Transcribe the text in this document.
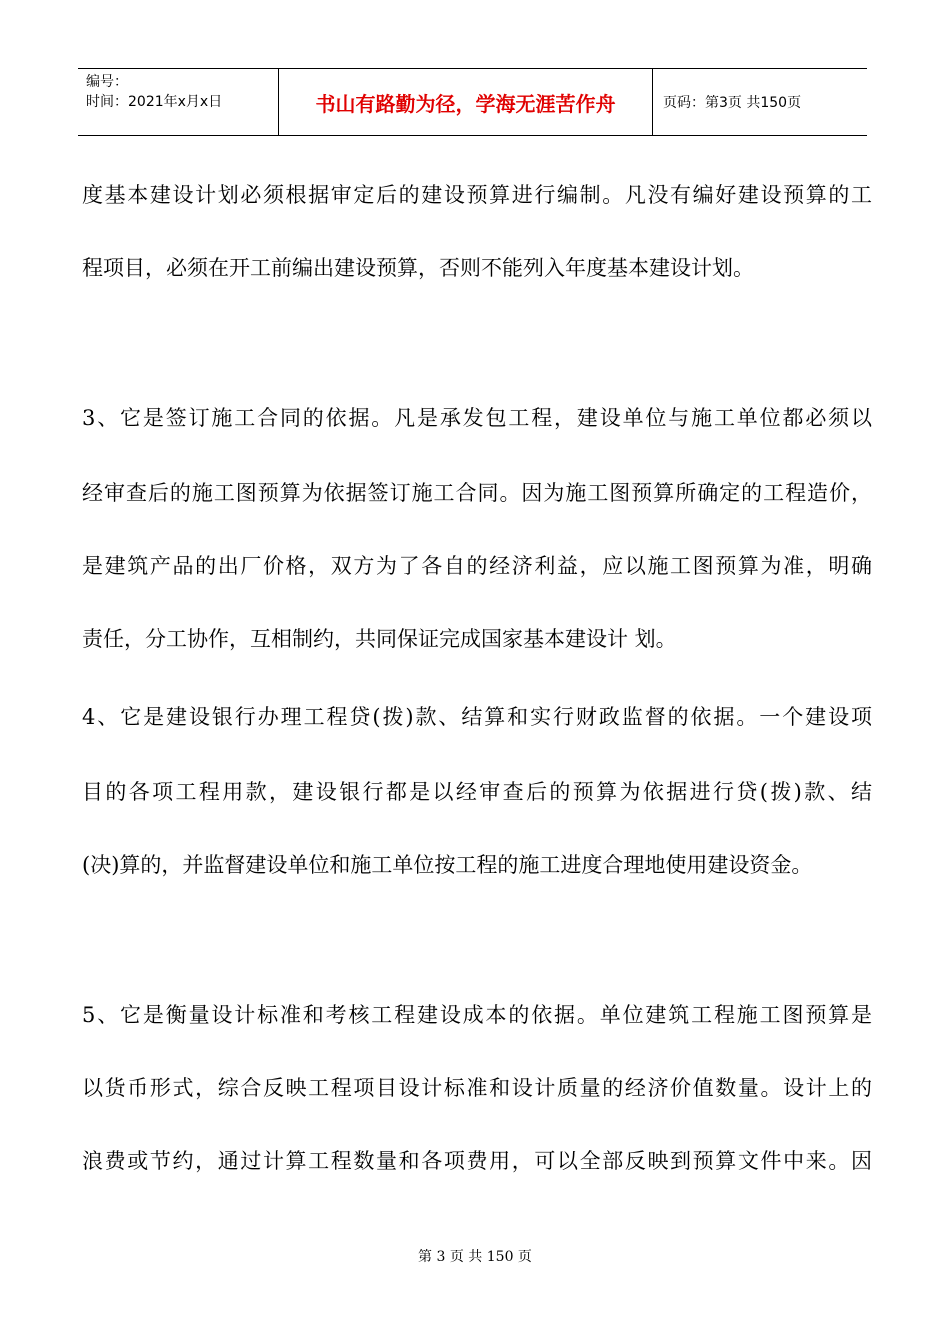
编号：
时间：2021年x月x日	书山有路勤为径，学海无涯苦作舟	页码：第3页 共150页
度基本建设计划必须根据审定后的建设预算进行编制。凡没有编好建设预算的工
程项目，必须在开工前编出建设预算，否则不能列入年度基本建设计划。
3、它是签订施工合同的依据。凡是承发包工程，建设单位与施工单位都必须以
经审查后的施工图预算为依据签订施工合同。因为施工图预算所确定的工程造价，
是建筑产品的出厂价格，双方为了各自的经济利益，应以施工图预算为准，明确
责任，分工协作，互相制约，共同保证完成国家基本建设计 划。
4、它是建设银行办理工程贷(拨)款、结算和实行财政监督的依据。一个建设项
目的各项工程用款，建设银行都是以经审查后的预算为依据进行贷(拨)款、结
(决)算的，并监督建设单位和施工单位按工程的施工进度合理地使用建设资金。
5、它是衡量设计标准和考核工程建设成本的依据。单位建筑工程施工图预算是
以货币形式，综合反映工程项目设计标准和设计质量的经济价值数量。设计上的
浪费或节约，通过计算工程数量和各项费用，可以全部反映到预算文件中来。因
第 3 页 共 150 页
